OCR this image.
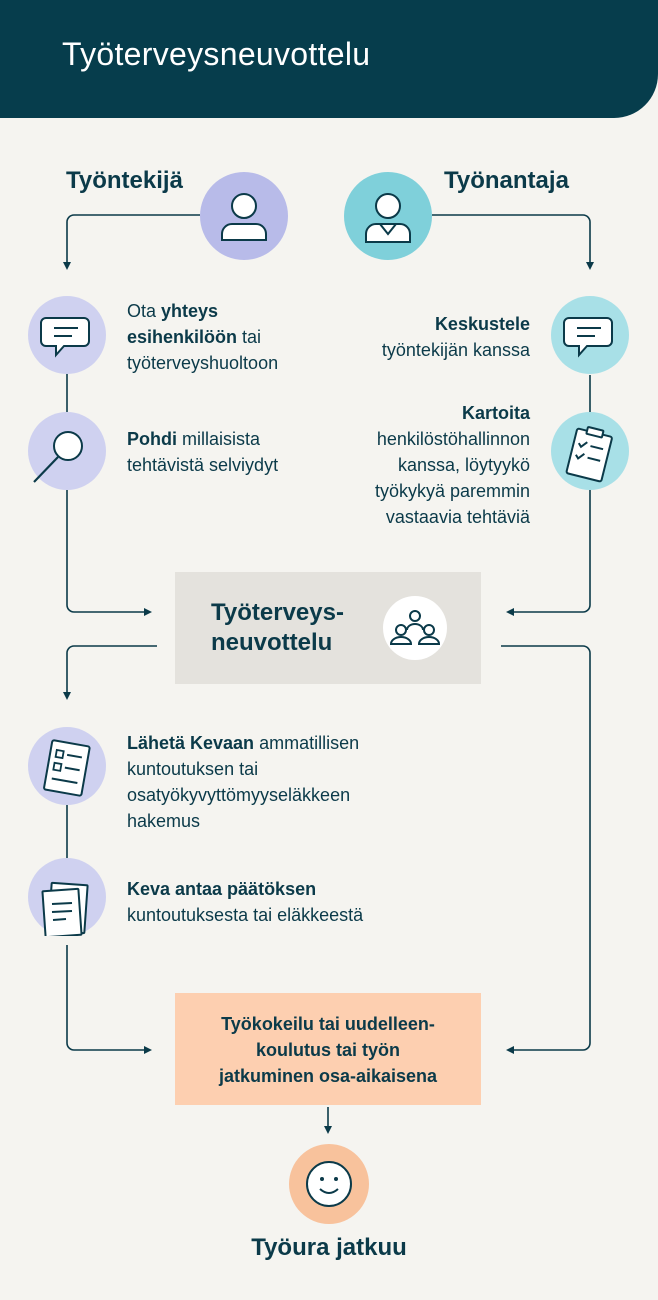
Työterveysneuvottelu
Työntekijä	Työnantaja
Ota yhteys
esihenkilöön tai
työterveyshuoltoon
Pohdi millaisista
tehtävistä selviydyt
Keskustele
työntekijän kanssa
Kartoita
henkilöstöhallinnon
kanssa, löytyykö
työkykyä paremmin
vastaavia tehtäviä
Työterveys-
neuvottelu
Lähetä Kevaan ammatillisen
kuntoutuksen tai
osatyökyvyttömyyseläkkeen
hakemus
Keva antaa päätöksen
kuntoutuksesta tai eläkkeestä
Työkokeilu tai uudelleen-
koulutus tai työn
jatkuminen osa-aikaisena
Työura jatkuu
